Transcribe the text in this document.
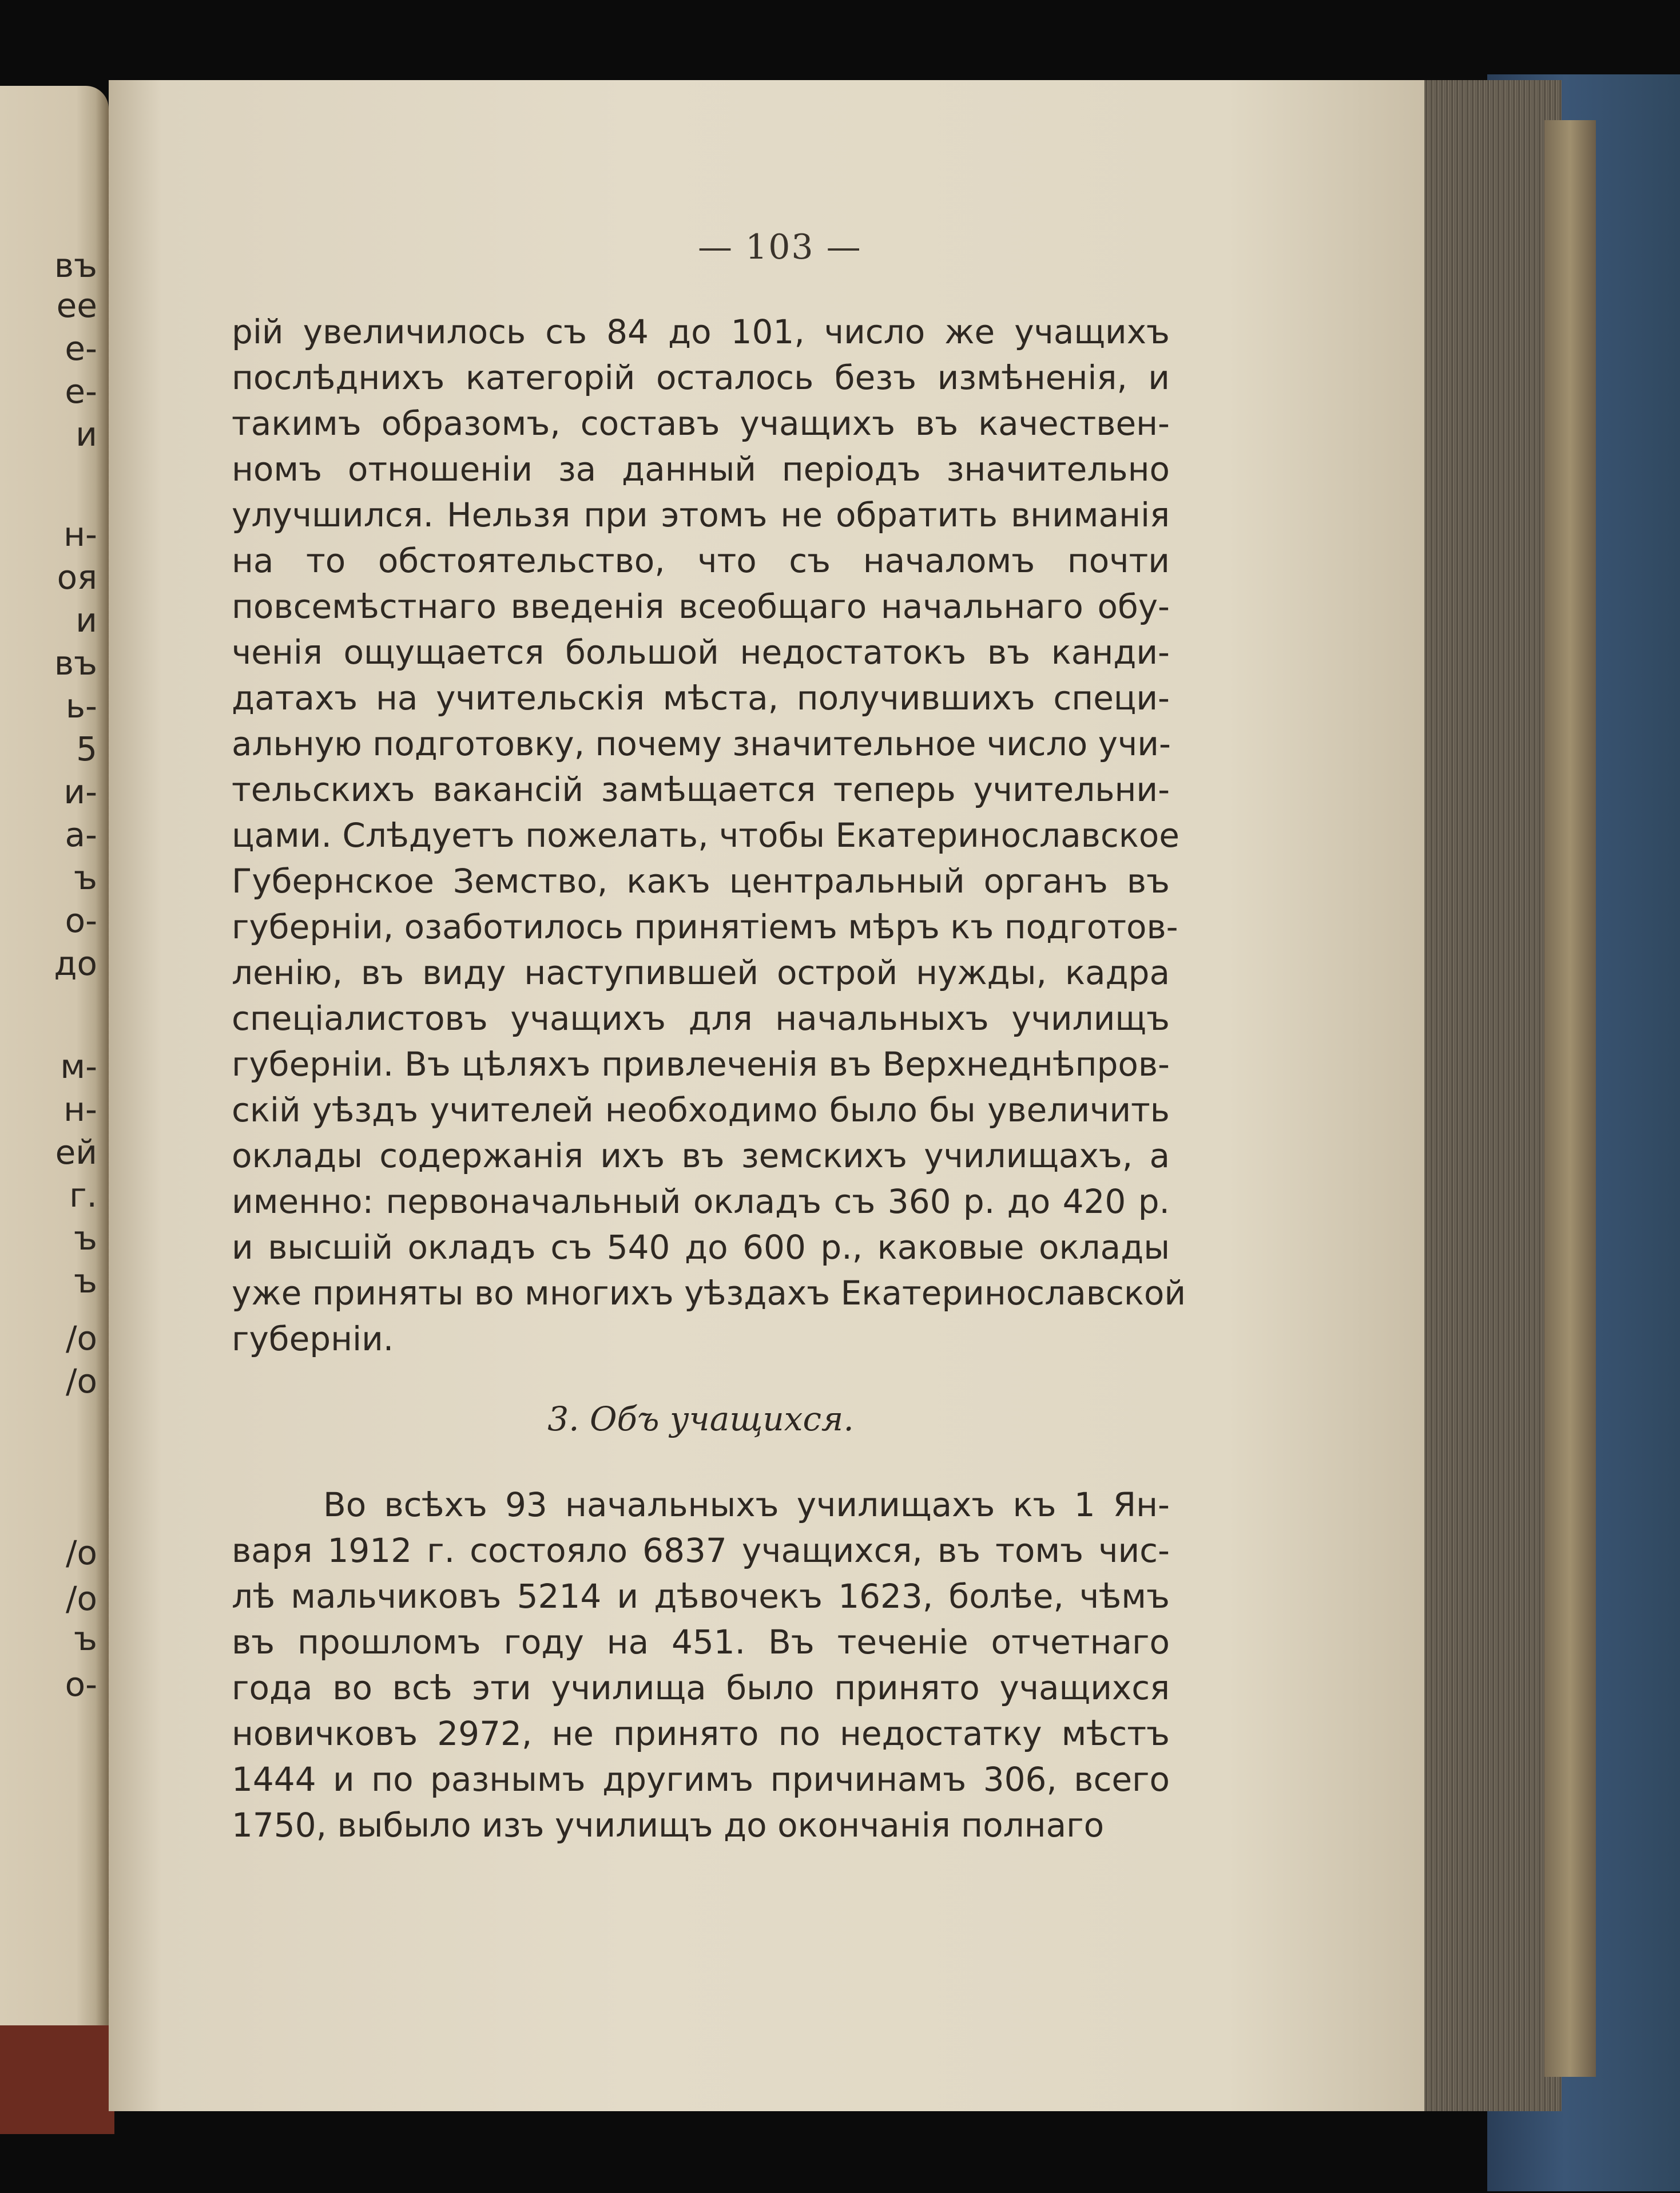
въ
ее
е-
е-
и
н-
оя
и
въ
ь-
5
и-
а-
ъ
о-
до
м-
н-
ей
г.
ъ
ъ
/о
/о
/о
/о
ъ
о-
— 103 —
рій увеличилось съ 84 до 101, число же учащихъ
послѣднихъ категорій осталось безъ измѣненія, и
такимъ образомъ, составъ учащихъ въ качествен-
номъ отношеніи за данный періодъ значительно
улучшился. Нельзя при этомъ не обратить вниманія
на то обстоятельство, что съ началомъ почти
повсемѣстнаго введенія всеобщаго начальнаго обу-
ченія ощущается большой недостатокъ въ канди-
датахъ на учительскія мѣста, получившихъ специ-
альную подготовку, почему значительное число учи-
тельскихъ вакансій замѣщается теперь учительни-
цами. Слѣдуетъ пожелать, чтобы Екатеринославское
Губернское Земство, какъ центральный органъ въ
губерніи, озаботилось принятіемъ мѣръ къ подготов-
ленію, въ виду наступившей острой нужды, кадра
спеціалистовъ учащихъ для начальныхъ училищъ
губерніи. Въ цѣляхъ привлеченія въ Верхнеднѣпров-
скій уѣздъ учителей необходимо было бы увеличить
оклады содержанія ихъ въ земскихъ училищахъ, а
именно: первоначальный окладъ съ 360 р. до 420 р.
и высшій окладъ съ 540 до 600 р., каковые оклады
уже приняты во многихъ уѣздахъ Екатеринославской
губерніи.
3. Объ учащихся.
Во всѣхъ 93 начальныхъ училищахъ къ 1 Ян-
варя 1912 г. состояло 6837 учащихся, въ томъ чис-
лѣ мальчиковъ 5214 и дѣвочекъ 1623, болѣе, чѣмъ
въ прошломъ году на 451. Въ теченіе отчетнаго
года во всѣ эти училища было принято учащихся
новичковъ 2972, не принято по недостатку мѣстъ
1444 и по разнымъ другимъ причинамъ 306, всего
1750, выбыло изъ училищъ до окончанія полнаго
